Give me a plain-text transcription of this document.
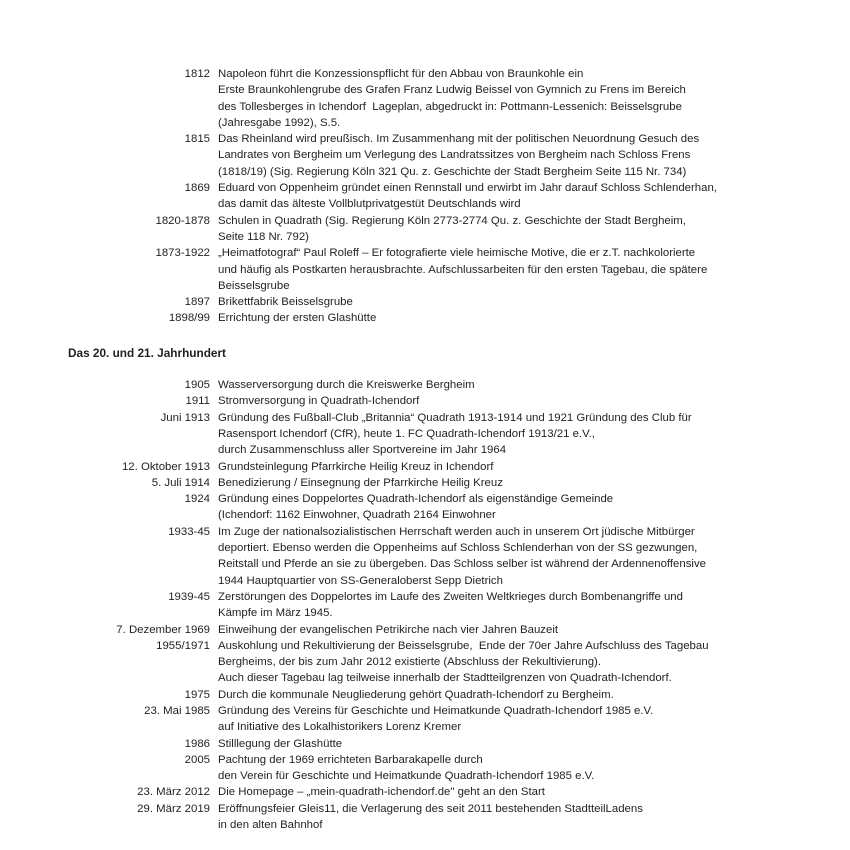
1812 Napoleon führt die Konzessionspflicht für den Abbau von Braunkohle ein
Erste Braunkohlengrube des Grafen Franz Ludwig Beissel von Gymnich zu Frens im Bereich
des Tollesberges in Ichendorf  Lageplan, abgedruckt in: Pottmann-Lessenich: Beisselsgrube
(Jahresgabe 1992), S.5.
1815 Das Rheinland wird preußisch. Im Zusammenhang mit der politischen Neuordnung Gesuch des
Landrates von Bergheim um Verlegung des Landratssitzes von Bergheim nach Schloss Frens
(1818/19) (Sig. Regierung Köln 321 Qu. z. Geschichte der Stadt Bergheim Seite 115 Nr. 734)
1869 Eduard von Oppenheim gründet einen Rennstall und erwirbt im Jahr darauf Schloss Schlenderhan,
das damit das älteste Vollblutprivatgestüt Deutschlands wird
1820-1878 Schulen in Quadrath (Sig. Regierung Köln 2773-2774 Qu. z. Geschichte der Stadt Bergheim,
Seite 118 Nr. 792)
1873-1922 „Heimatfotograf“ Paul Roleff – Er fotografierte viele heimische Motive, die er z.T. nachkolorierte
und häufig als Postkarten herausbrachte. Aufschlussarbeiten für den ersten Tagebau, die spätere
Beisselsgrube
1897 Brikettfabrik Beisselsgrube
1898/99 Errichtung der ersten Glashütte
Das 20. und 21. Jahrhundert
1905 Wasserversorgung durch die Kreiswerke Bergheim
1911 Stromversorgung in Quadrath-Ichendorf
Juni 1913 Gründung des Fußball-Club „Britannia“ Quadrath 1913-1914 und 1921 Gründung des Club für
Rasensport Ichendorf (CfR), heute 1. FC Quadrath-Ichendorf 1913/21 e.V.,
durch Zusammenschluss aller Sportvereine im Jahr 1964
12. Oktober 1913 Grundsteinlegung Pfarrkirche Heilig Kreuz in Ichendorf
5. Juli 1914 Benedizierung / Einsegnung der Pfarrkirche Heilig Kreuz
1924 Gründung eines Doppelortes Quadrath-Ichendorf als eigenständige Gemeinde
(Ichendorf: 1162 Einwohner, Quadrath 2164 Einwohner
1933-45 Im Zuge der nationalsozialistischen Herrschaft werden auch in unserem Ort jüdische Mitbürger
deportiert. Ebenso werden die Oppenheims auf Schloss Schlenderhan von der SS gezwungen,
Reitstall und Pferde an sie zu übergeben. Das Schloss selber ist während der Ardennenoffensive
1944 Hauptquartier von SS-Generaloberst Sepp Dietrich
1939-45 Zerstörungen des Doppelortes im Laufe des Zweiten Weltkrieges durch Bombenangriffe und
Kämpfe im März 1945.
7. Dezember 1969 Einweihung der evangelischen Petrikirche nach vier Jahren Bauzeit
1955/1971 Auskohlung und Rekultivierung der Beisselsgrube,  Ende der 70er Jahre Aufschluss des Tagebau
Bergheims, der bis zum Jahr 2012 existierte (Abschluss der Rekultivierung).
Auch dieser Tagebau lag teilweise innerhalb der Stadtteilgrenzen von Quadrath-Ichendorf.
1975 Durch die kommunale Neugliederung gehört Quadrath-Ichendorf zu Bergheim.
23. Mai 1985 Gründung des Vereins für Geschichte und Heimatkunde Quadrath-Ichendorf 1985 e.V.
auf Initiative des Lokalhistorikers Lorenz Kremer
1986 Stilllegung der Glashütte
2005 Pachtung der 1969 errichteten Barbarakapelle durch
den Verein für Geschichte und Heimatkunde Quadrath-Ichendorf 1985 e.V.
23. März 2012 Die Homepage – „mein-quadrath-ichendorf.de" geht an den Start
29. März 2019 Eröffnungsfeier Gleis11, die Verlagerung des seit 2011 bestehenden StadtteilLadens
in den alten Bahnhof
